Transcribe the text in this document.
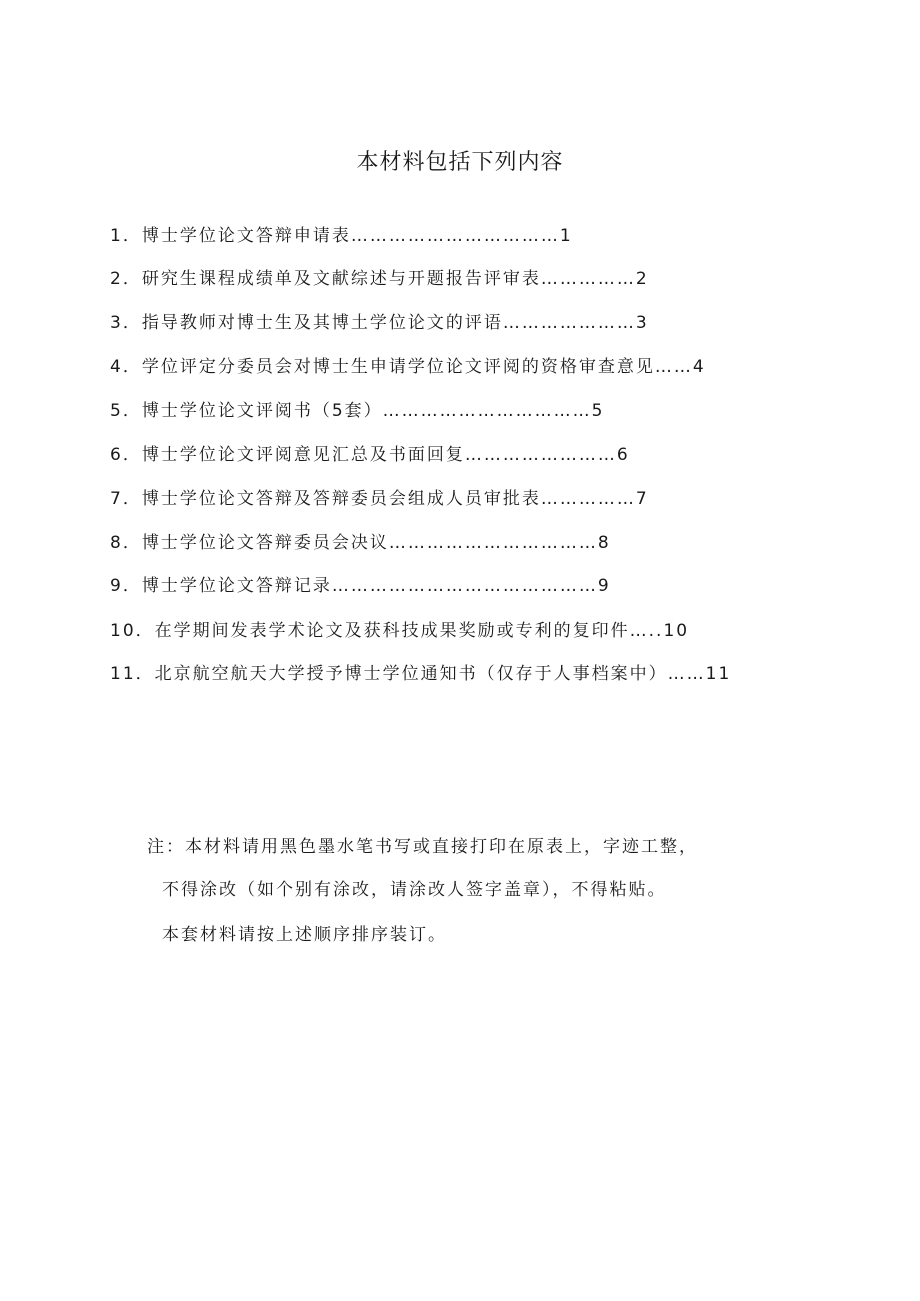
本材料包括下列内容
1．博士学位论文答辩申请表……………………………1
2．研究生课程成绩单及文献综述与开题报告评审表……………2
3．指导教师对博士生及其博土学位论文的评语…………………3
4．学位评定分委员会对博士生申请学位论文评阅的资格审查意见……4
5．博士学位论文评阅书（5套）……………………………5
6．博士学位论文评阅意见汇总及书面回复……………………6
7．博士学位论文答辩及答辩委员会组成人员审批表……………7
8．博士学位论文答辩委员会决议……………………………8
9．博士学位论文答辩记录……………………………………9
10．在学期间发表学术论文及获科技成果奖励或专利的复印件…..10
11．北京航空航天大学授予博士学位通知书（仅存于人事档案中）……11
注：本材料请用黑色墨水笔书写或直接打印在原表上，字迹工整，
不得涂改（如个别有涂改，请涂改人签字盖章），不得粘贴。
本套材料请按上述顺序排序装订。
